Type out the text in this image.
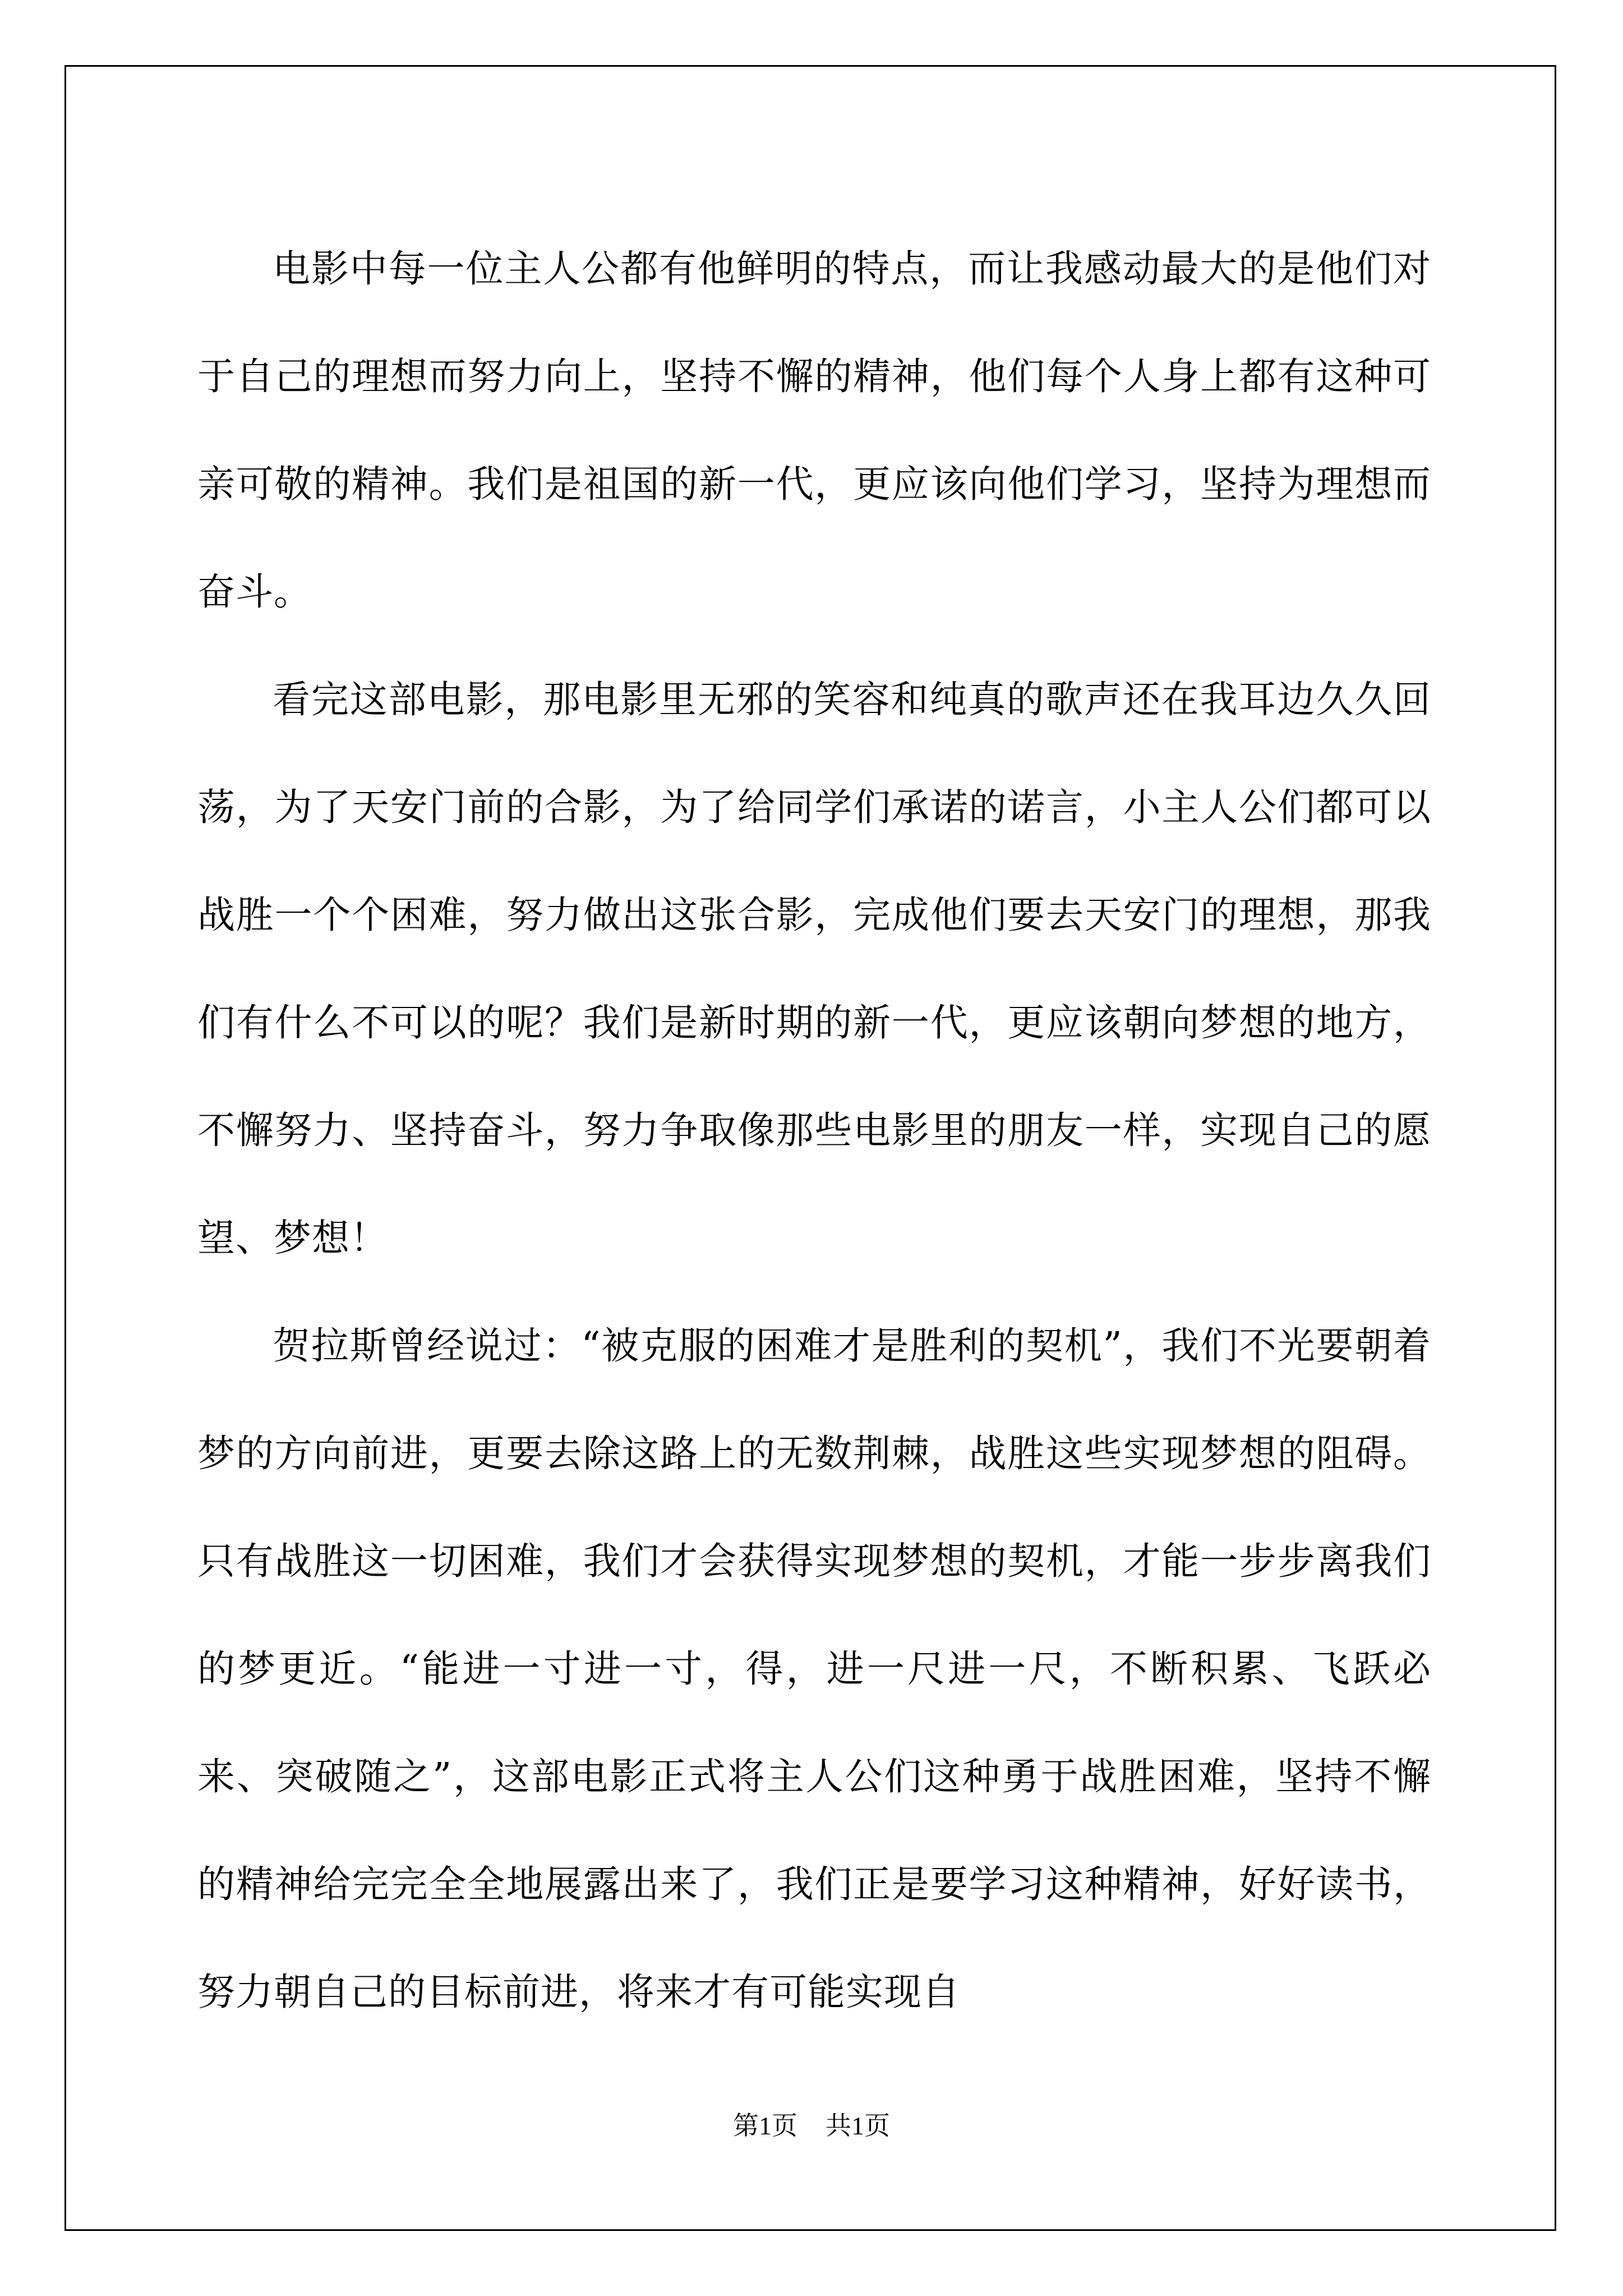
电影中每一位主人公都有他鲜明的特点，而让我感动最大的是他们对于自己的理想而努力向上，坚持不懈的精神，他们每个人身上都有这种可亲可敬的精神。我们是祖国的新一代，更应该向他们学习，坚持为理想而奋斗。

看完这部电影，那电影里无邪的笑容和纯真的歌声还在我耳边久久回荡，为了天安门前的合影，为了给同学们承诺的诺言，小主人公们都可以战胜一个个困难，努力做出这张合影，完成他们要去天安门的理想，那我们有什么不可以的呢？我们是新时期的新一代，更应该朝向梦想的地方，不懈努力、坚持奋斗，努力争取像那些电影里的朋友一样，实现自己的愿望、梦想！

贺拉斯曾经说过：“被克服的困难才是胜利的契机”，我们不光要朝着梦的方向前进，更要去除这路上的无数荆棘，战胜这些实现梦想的阻碍。只有战胜这一切困难，我们才会获得实现梦想的契机，才能一步步离我们的梦更近。“能进一寸进一寸，得，进一尺进一尺，不断积累、飞跃必来、突破随之”，这部电影正式将主人公们这种勇于战胜困难，坚持不懈的精神给完完全全地展露出来了，我们正是要学习这种精神，好好读书，努力朝自己的目标前进，将来才有可能实现自

第1页 共1页
